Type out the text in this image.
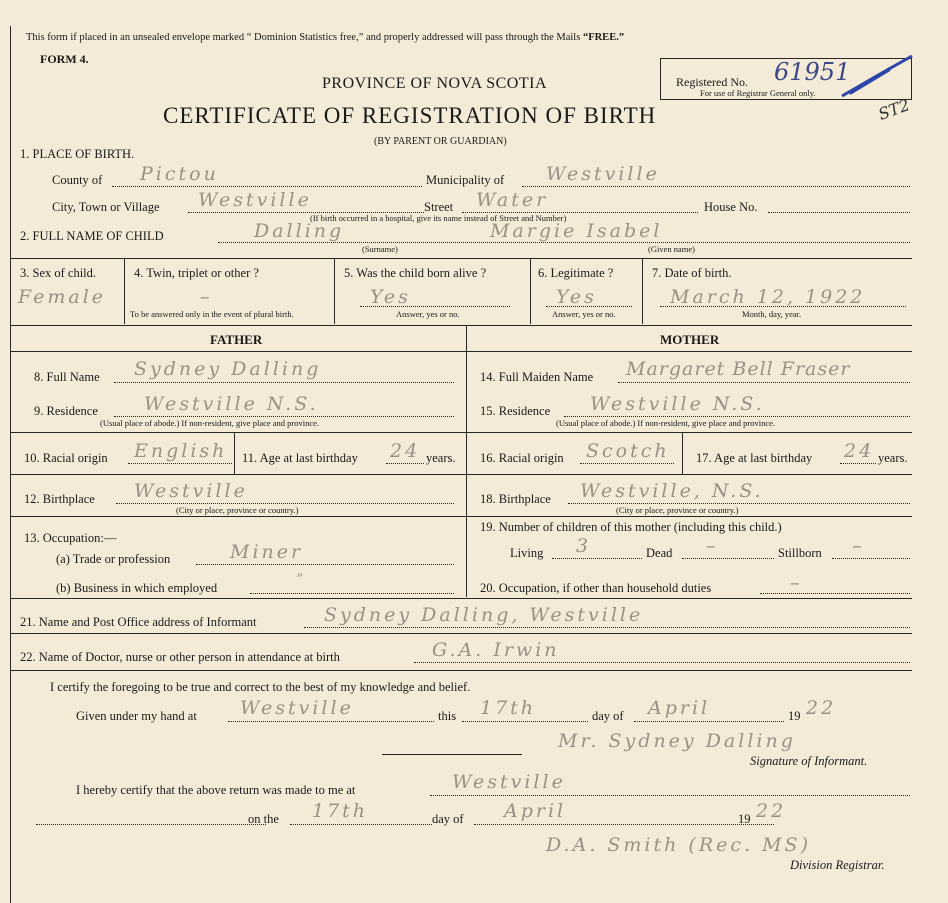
This form if placed in an unsealed envelope marked “ Dominion Statistics free,” and properly addressed will pass through the Mails “FREE.”
FORM 4.
PROVINCE OF NOVA SCOTIA
CERTIFICATE OF REGISTRATION OF BIRTH
(BY PARENT OR GUARDIAN)
Registered No. 61951
For use of Registrar General only.
ST2
1. PLACE OF BIRTH.
County of Pictou	Municipality of Westville
City, Town or Village Westville	Street Water	House No.
(If birth occurred in a hospital, give its name instead of Street and Number)
2. FULL NAME OF CHILD	Dalling	Margie Isabel
(Surname)	(Given name)
3. Sex of child.
Female
4. Twin, triplet or other ?
–
To be answered only in the event of plural birth.
5. Was the child born alive ?
Yes
Answer, yes or no.
6. Legitimate ?
Yes
Answer, yes or no.
7. Date of birth.
March 12, 1922
Month, day, year.
FATHER	MOTHER
8. Full Name Sydney Dalling
9. Residence Westville N.S.
(Usual place of abode.) If non-resident, give place and province.
10. Racial origin English 11. Age at last birthday 24 years.
12. Birthplace Westville
(City or place, province or country.)
13. Occupation:—
(a) Trade or profession	Miner
(b) Business in which employed	”
14. Full Maiden Name Margaret Bell Fraser
15. Residence Westville N.S.
(Usual place of abode.) If non-resident, give place and province.
16. Racial origin Scotch 17. Age at last birthday 24 years.
18. Birthplace Westville, N.S.
(City or place, province or country.)
19. Number of children of this mother (including this child.)
Living 3	Dead –	Stillborn –
20. Occupation, if other than household duties	–
21. Name and Post Office address of Informant	Sydney Dalling, Westville
22. Name of Doctor, nurse or other person in attendance at birth	G.A. Irwin
I certify the foregoing to be true and correct to the best of my knowledge and belief.
Given under my hand at Westville	this 17th	day of April	19 22
Mr. Sydney Dalling
Signature of Informant.
I hereby certify that the above return was made to me at	Westville
on the 17th	day of April	19 22
D.A. Smith (Rec. MS)
Division Registrar.
